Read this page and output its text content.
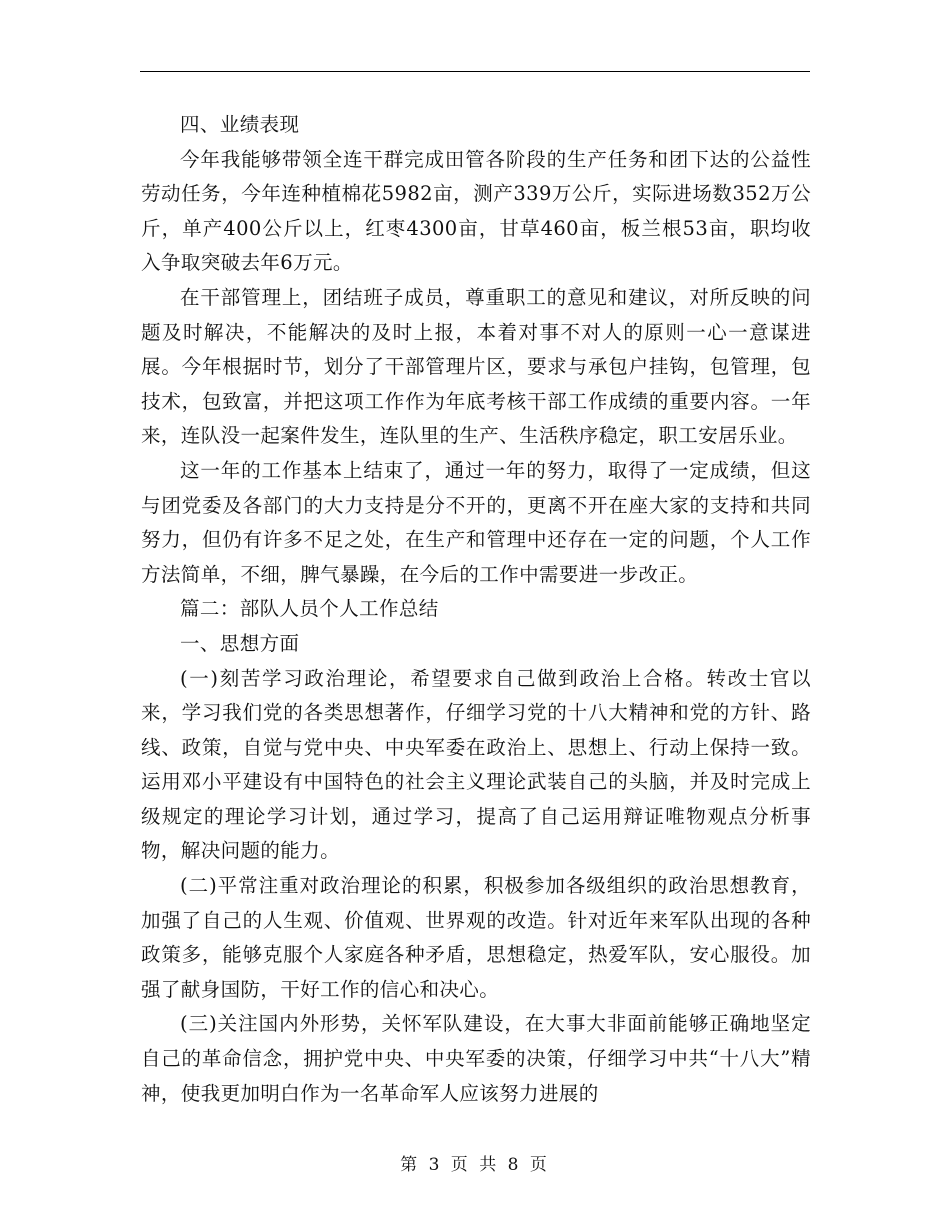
四、业绩表现

今年我能够带领全连干群完成田管各阶段的生产任务和团下达的公益性劳动任务，今年连种植棉花5982亩，测产339万公斤，实际进场数352万公斤，单产400公斤以上，红枣4300亩，甘草460亩，板兰根53亩，职均收入争取突破去年6万元。

在干部管理上，团结班子成员，尊重职工的意见和建议，对所反映的问题及时解决，不能解决的及时上报，本着对事不对人的原则一心一意谋进展。今年根据时节，划分了干部管理片区，要求与承包户挂钩，包管理，包技术，包致富，并把这项工作作为年底考核干部工作成绩的重要内容。一年来，连队没一起案件发生，连队里的生产、生活秩序稳定，职工安居乐业。

这一年的工作基本上结束了，通过一年的努力，取得了一定成绩，但这与团党委及各部门的大力支持是分不开的，更离不开在座大家的支持和共同努力，但仍有许多不足之处，在生产和管理中还存在一定的问题，个人工作方法简单，不细，脾气暴躁，在今后的工作中需要进一步改正。

篇二：部队人员个人工作总结

一、思想方面

(一)刻苦学习政治理论，希望要求自己做到政治上合格。转改士官以来，学习我们党的各类思想著作，仔细学习党的十八大精神和党的方针、路线、政策，自觉与党中央、中央军委在政治上、思想上、行动上保持一致。运用邓小平建设有中国特色的社会主义理论武装自己的头脑，并及时完成上级规定的理论学习计划，通过学习，提高了自己运用辩证唯物观点分析事物，解决问题的能力。

(二)平常注重对政治理论的积累，积极参加各级组织的政治思想教育，加强了自己的人生观、价值观、世界观的改造。针对近年来军队出现的各种政策多，能够克服个人家庭各种矛盾，思想稳定，热爱军队，安心服役。加强了献身国防，干好工作的信心和决心。

(三)关注国内外形势，关怀军队建设，在大事大非面前能够正确地坚定自己的革命信念，拥护党中央、中央军委的决策，仔细学习中共“十八大”精神，使我更加明白作为一名革命军人应该努力进展的

第 3 页 共 8 页
